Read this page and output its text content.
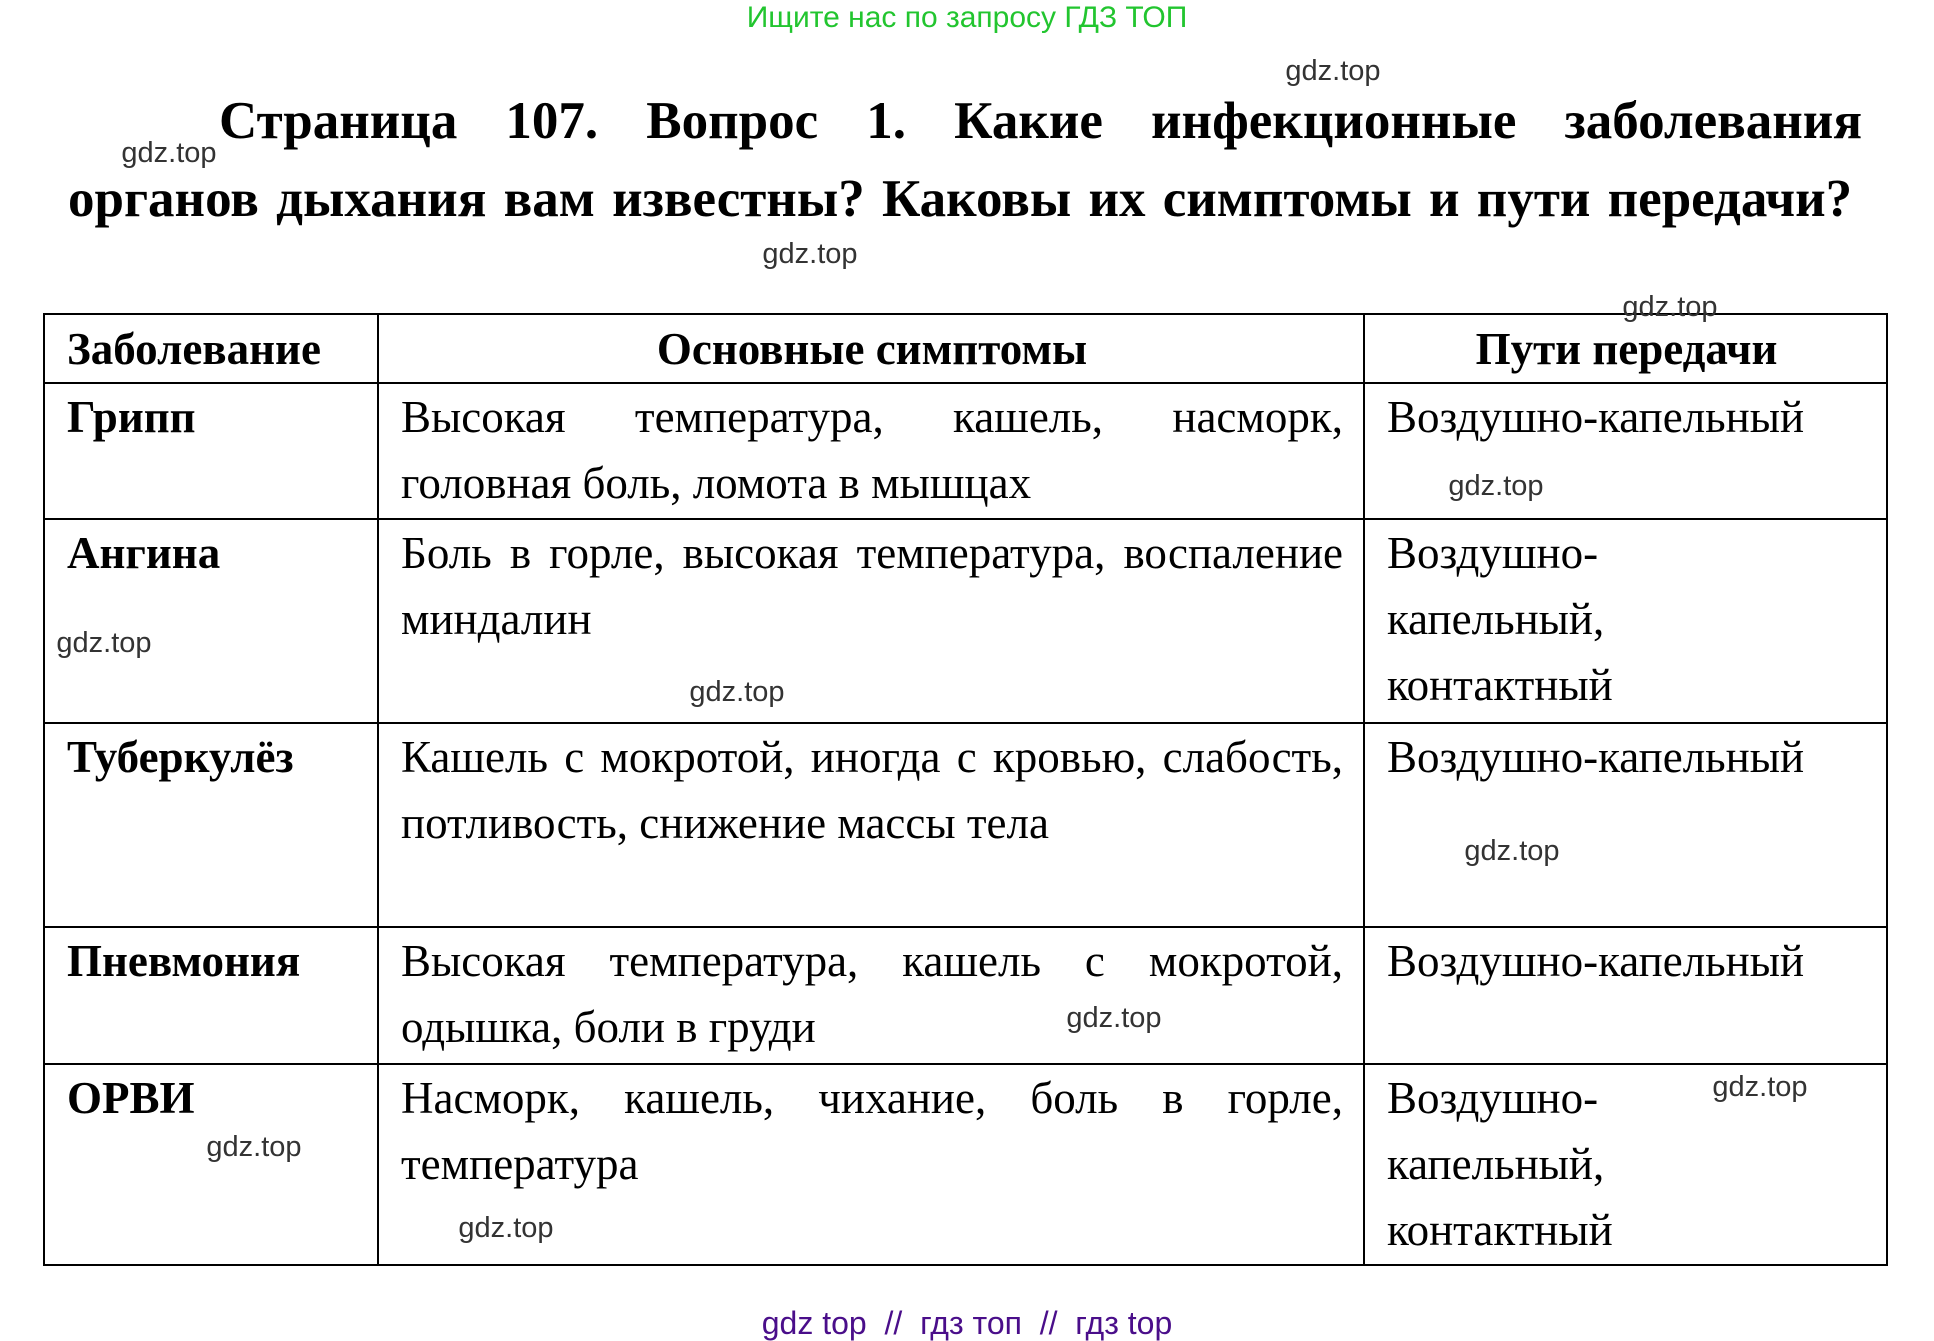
Ищите нас по запросу ГДЗ ТОП
Страница 107. Вопрос 1. Какие инфекционные заболевания органов дыхания вам известны? Каковы их симптомы и пути передачи?
Заболевание	Основные симптомы	Пути передачи
Грипп	Высокая температура, кашель, насморк, головная боль, ломота в мышцах	Воздушно-капельный
Ангина	Боль в горле, высокая температура, воспаление миндалин	Воздушно-капельный, контактный
Туберкулёз	Кашель с мокротой, иногда с кровью, слабость, потливость, снижение массы тела	Воздушно-капельный
Пневмония	Высокая температура, кашель с мокротой, одышка, боли в груди	Воздушно-капельный
ОРВИ	Насморк, кашель, чихание, боль в горле, температура	Воздушно-капельный, контактный
gdz.top
gdz.top
gdz.top
gdz.top
gdz.top
gdz.top
gdz.top
gdz.top
gdz.top
gdz.top
gdz.top
gdz.top
gdz top  //  гдз топ  //  гдз top
